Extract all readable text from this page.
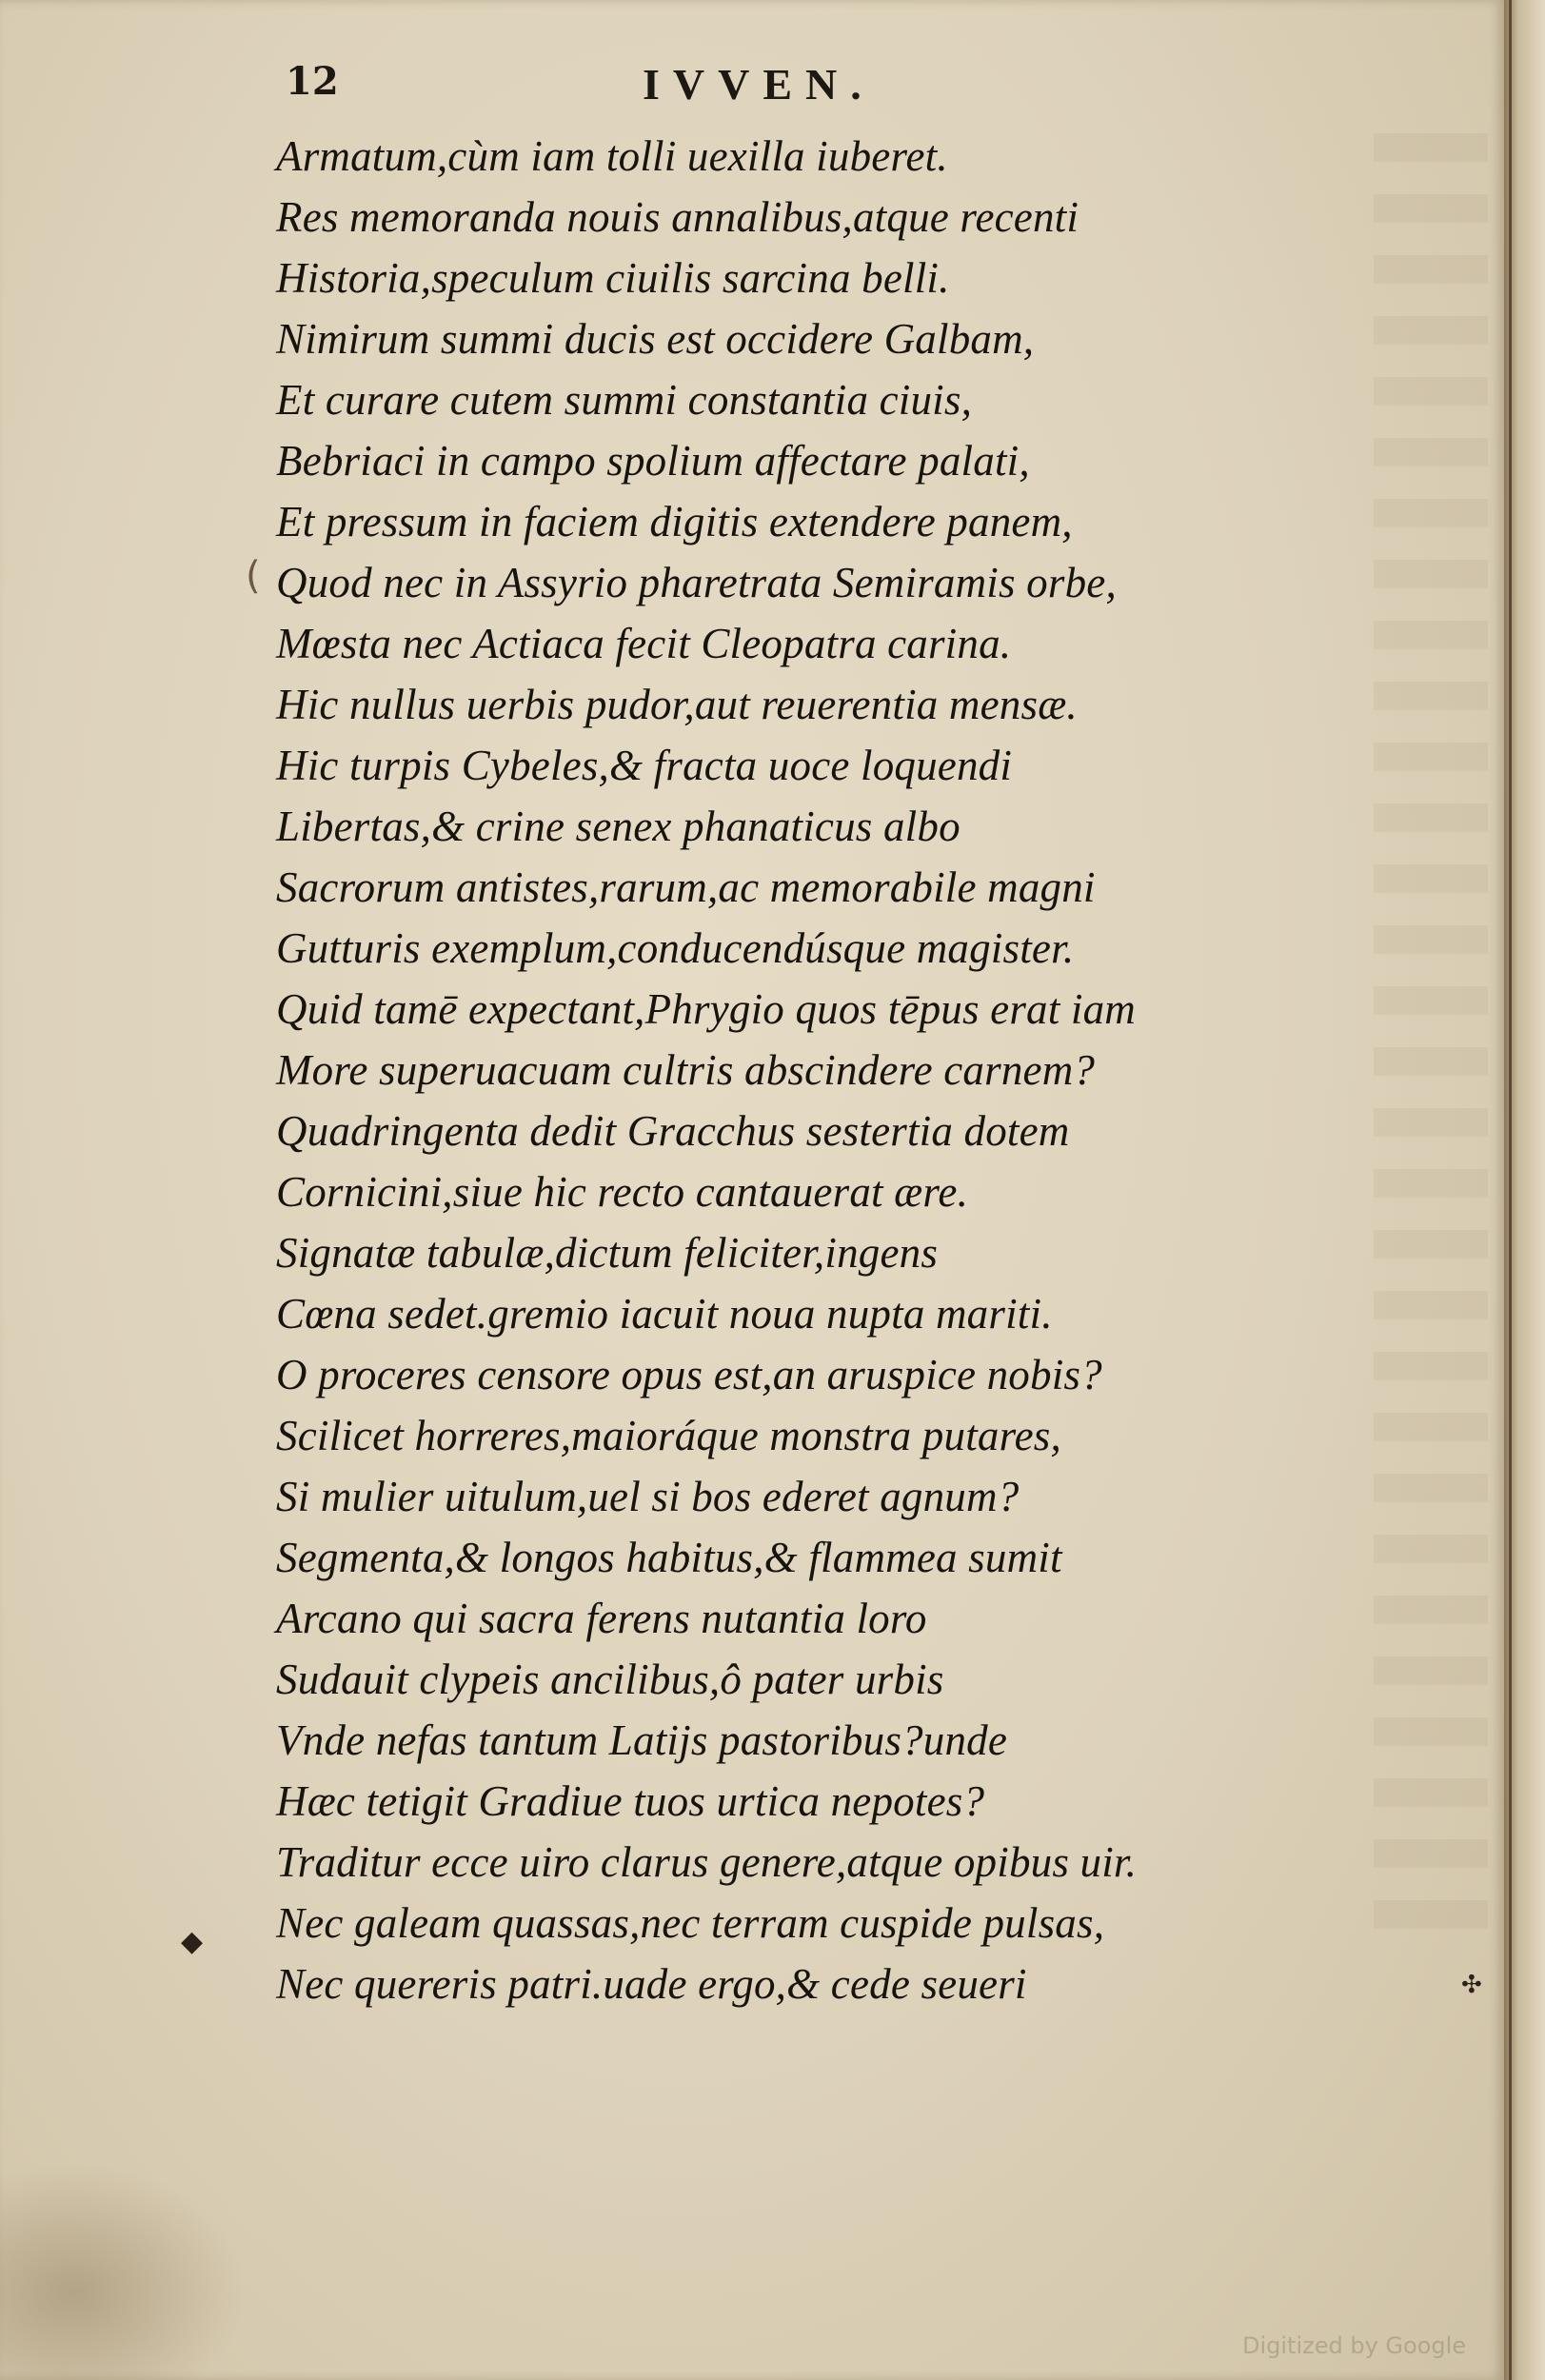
12	IVVEN.
Armatum,cùm iam tolli uexilla iuberet.
Res memoranda nouis annalibus,atque recenti
Historia,speculum ciuilis sarcina belli.
Nimirum summi ducis est occidere Galbam,
Et curare cutem summi constantia ciuis,
Bebriaci in campo spolium affectare palati,
Et pressum in faciem digitis extendere panem,
Quod nec in Assyrio pharetrata Semiramis orbe,
Mœsta nec Actiaca fecit Cleopatra carina.
Hic nullus uerbis pudor,aut reuerentia mensæ.
Hic turpis Cybeles,& fracta uoce loquendi
Libertas,& crine senex phanaticus albo
Sacrorum antistes,rarum,ac memorabile magni
Gutturis exemplum,conducendúsque magister.
Quid tamē expectant,Phrygio quos tēpus erat iam
More superuacuam cultris abscindere carnem?
Quadringenta dedit Gracchus sestertia dotem
Cornicini,siue hic recto cantauerat ære.
Signatæ tabulæ,dictum feliciter,ingens
Cœna sedet.gremio iacuit noua nupta mariti.
O proceres censore opus est,an aruspice nobis?
Scilicet horreres,maioráque monstra putares,
Si mulier uitulum,uel si bos ederet agnum?
Segmenta,& longos habitus,& flammea sumit
Arcano qui sacra ferens nutantia loro
Sudauit clypeis ancilibus,ô pater urbis
Vnde nefas tantum Latijs pastoribus?unde
Hæc tetigit Gradiue tuos urtica nepotes?
Traditur ecce uiro clarus genere,atque opibus uir.
Nec galeam quassas,nec terram cuspide pulsas,
Nec quereris patri.uade ergo,& cede seueri
(
◆
✣
Digitized by Google
